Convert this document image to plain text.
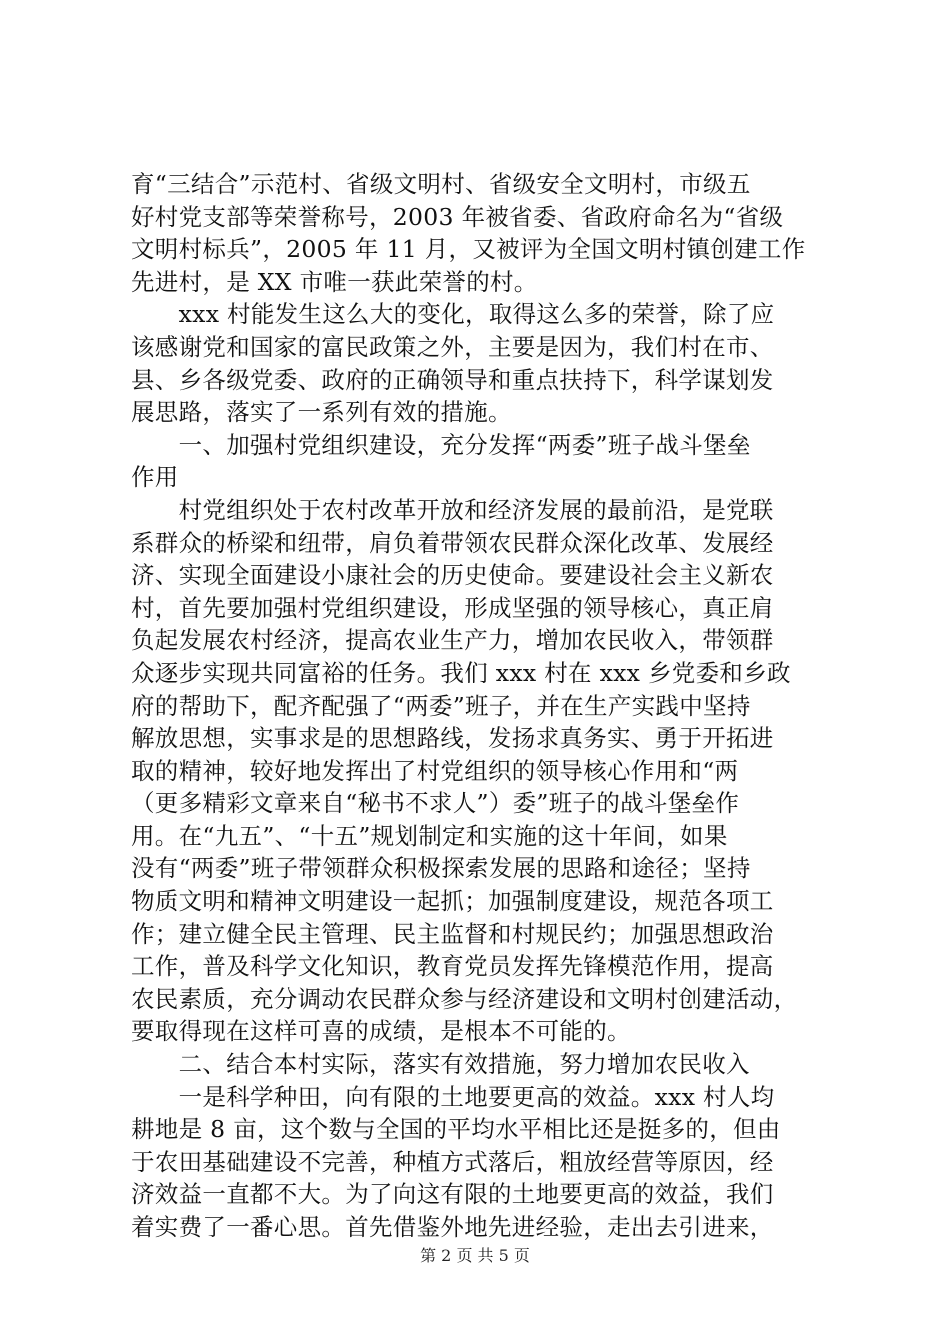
育“三结合”示范村、省级文明村、省级安全文明村，市级五
好村党支部等荣誉称号，2003 年被省委、省政府命名为“省级
文明村标兵”，2005 年 11 月，又被评为全国文明村镇创建工作
先进村，是 XX 市唯一获此荣誉的村。
　　xxx 村能发生这么大的变化，取得这么多的荣誉，除了应
该感谢党和国家的富民政策之外，主要是因为，我们村在市、
县、乡各级党委、政府的正确领导和重点扶持下，科学谋划发
展思路，落实了一系列有效的措施。
　　一、加强村党组织建设，充分发挥“两委”班子战斗堡垒
作用
　　村党组织处于农村改革开放和经济发展的最前沿，是党联
系群众的桥梁和纽带，肩负着带领农民群众深化改革、发展经
济、实现全面建设小康社会的历史使命。要建设社会主义新农
村，首先要加强村党组织建设，形成坚强的领导核心，真正肩
负起发展农村经济，提高农业生产力，增加农民收入，带领群
众逐步实现共同富裕的任务。我们 xxx 村在 xxx 乡党委和乡政
府的帮助下，配齐配强了“两委”班子，并在生产实践中坚持
解放思想，实事求是的思想路线，发扬求真务实、勇于开拓进
取的精神，较好地发挥出了村党组织的领导核心作用和“两
（更多精彩文章来自“秘书不求人”）委”班子的战斗堡垒作
用。在“九五”、“十五”规划制定和实施的这十年间，如果
没有“两委”班子带领群众积极探索发展的思路和途径；坚持
物质文明和精神文明建设一起抓；加强制度建设，规范各项工
作；建立健全民主管理、民主监督和村规民约；加强思想政治
工作，普及科学文化知识，教育党员发挥先锋模范作用，提高
农民素质，充分调动农民群众参与经济建设和文明村创建活动，
要取得现在这样可喜的成绩，是根本不可能的。
　　二、结合本村实际，落实有效措施，努力增加农民收入
　　一是科学种田，向有限的土地要更高的效益。xxx 村人均
耕地是 8 亩，这个数与全国的平均水平相比还是挺多的，但由
于农田基础建设不完善，种植方式落后，粗放经营等原因，经
济效益一直都不大。为了向这有限的土地要更高的效益，我们
着实费了一番心思。首先借鉴外地先进经验，走出去引进来，
第 2 页 共 5 页
